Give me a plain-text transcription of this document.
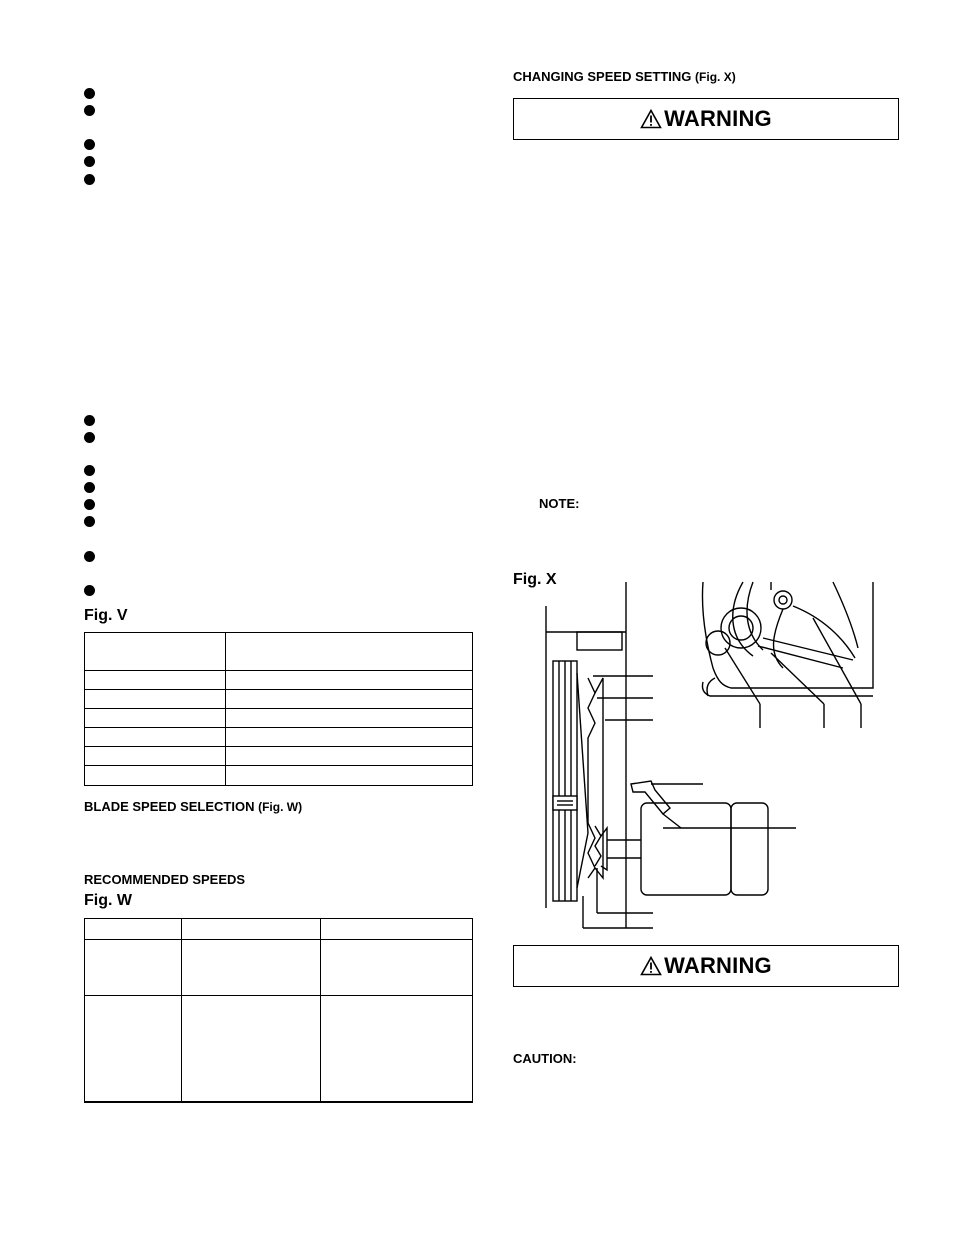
Fig. V

BLADE SPEED SELECTION (Fig. W)
RECOMMENDED SPEEDS
Fig. W

CHANGING SPEED SETTING (Fig. X)
WARNING
NOTE:
Fig. X
WARNING
CAUTION:
